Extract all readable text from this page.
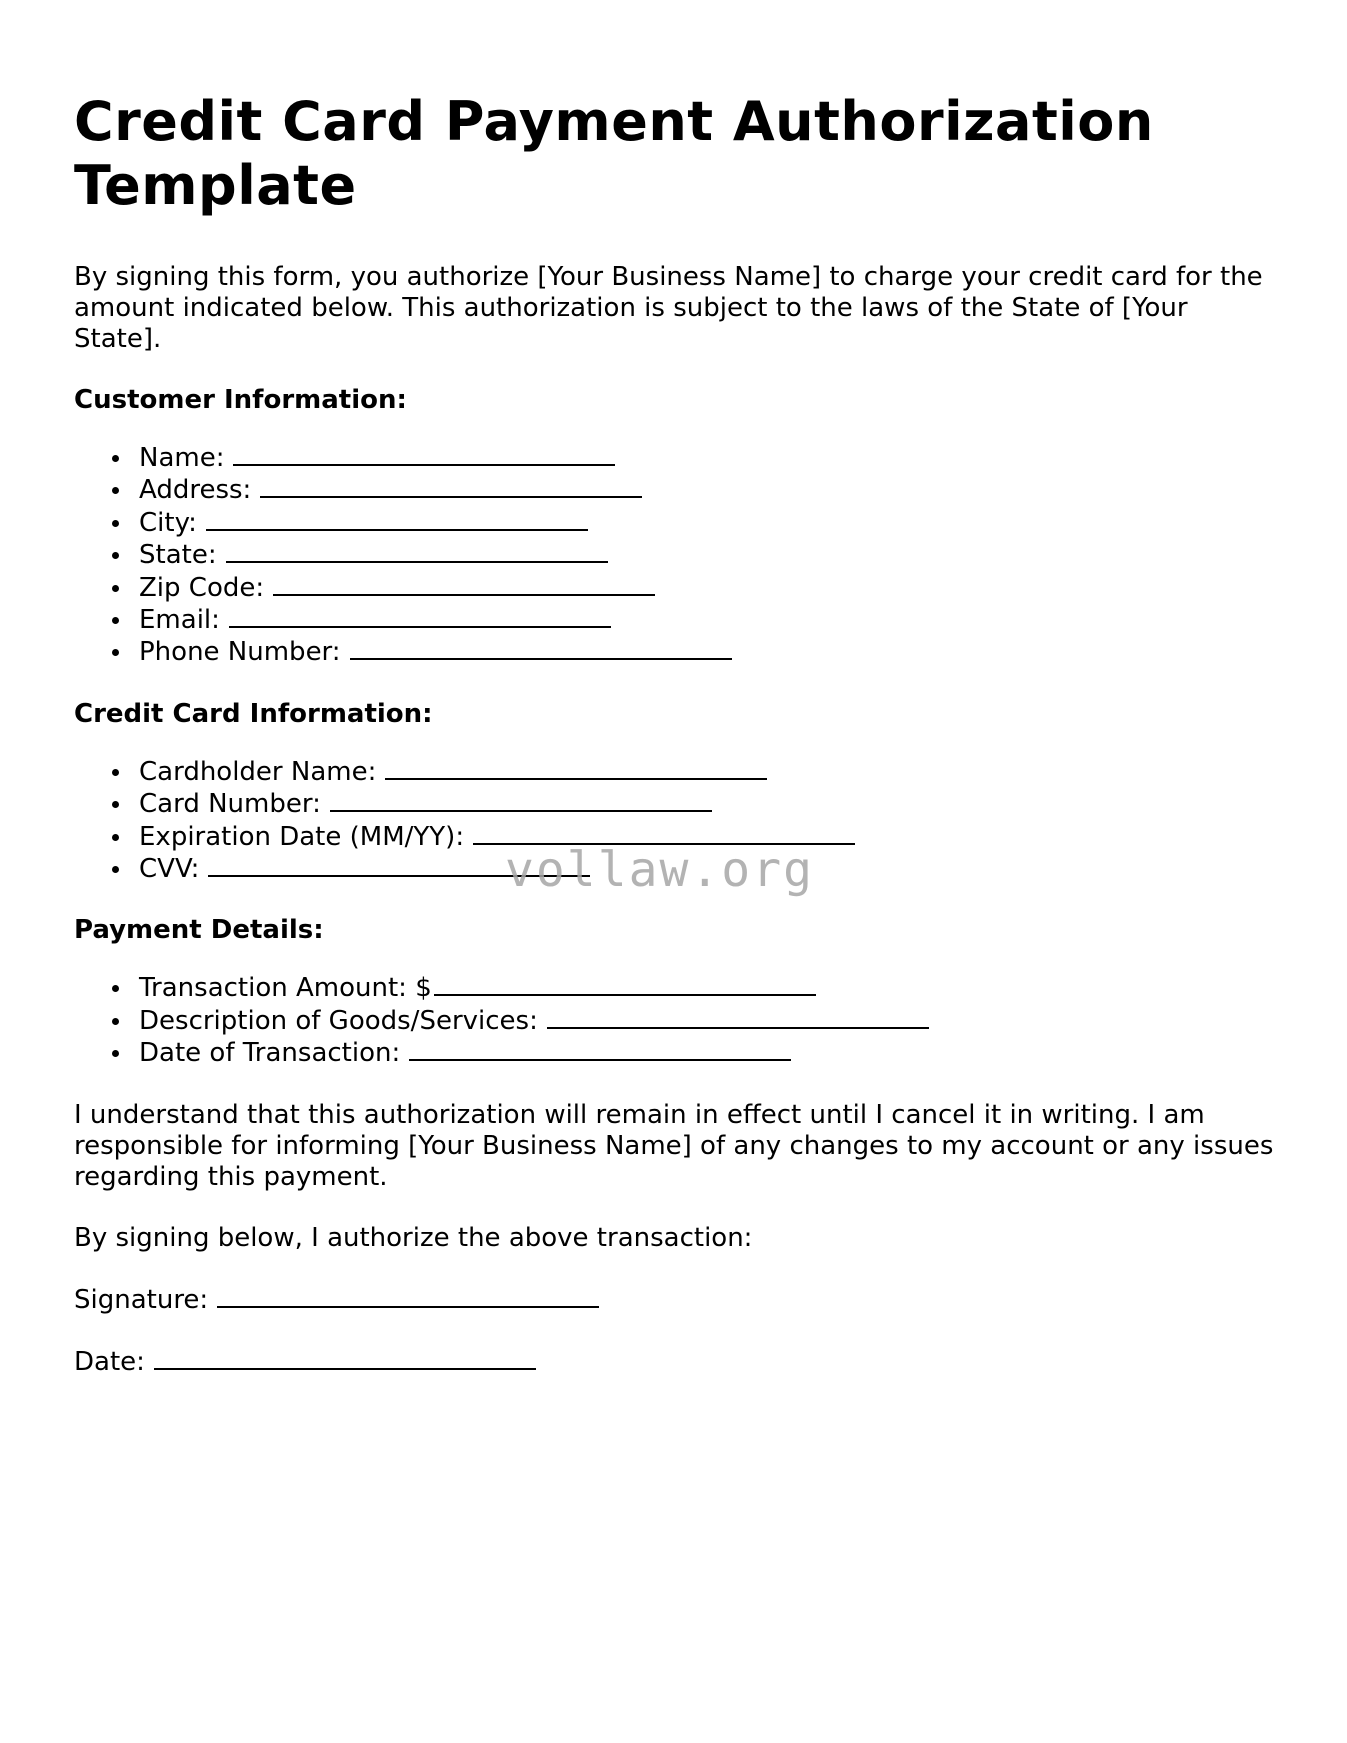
Credit Card Payment Authorization Template

By signing this form, you authorize [Your Business Name] to charge your credit card for the amount indicated below. This authorization is subject to the laws of the State of [Your State].

Customer Information:
Name:
Address:
City:
State:
Zip Code:
Email:
Phone Number:
Credit Card Information:
Cardholder Name:
Card Number:
Expiration Date (MM/YY):
CVV:
Payment Details:
Transaction Amount: $
Description of Goods/Services:
Date of Transaction:

I understand that this authorization will remain in effect until I cancel it in writing. I am responsible for informing [Your Business Name] of any changes to my account or any issues regarding this payment.

By signing below, I authorize the above transaction:

Signature:

Date:

vollaw.org
